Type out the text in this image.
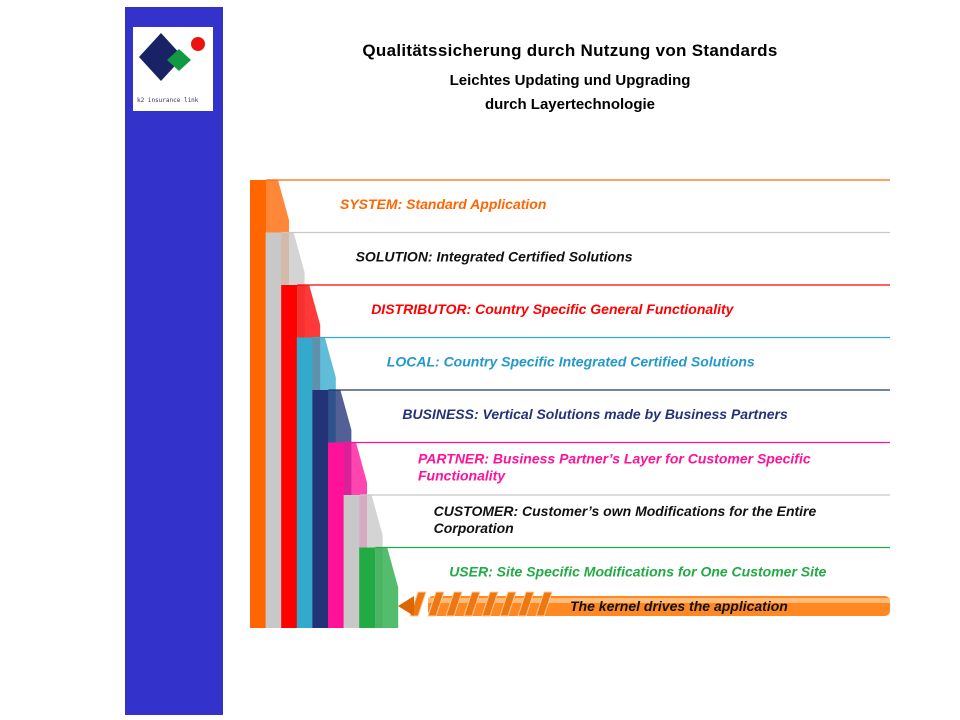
k2 insurance link
Qualitätssicherung durch Nutzung von Standards
Leichtes Updating und Upgrading
durch Layertechnologie
SYSTEM: Standard Application
SOLUTION: Integrated Certified Solutions
DISTRIBUTOR: Country Specific General Functionality
LOCAL: Country Specific Integrated Certified Solutions
BUSINESS: Vertical Solutions made by Business Partners
PARTNER: Business Partner’s Layer for Customer Specific
Functionality
CUSTOMER: Customer’s own Modifications for the Entire
Corporation
USER: Site Specific Modifications for One Customer Site
The kernel drives the application
